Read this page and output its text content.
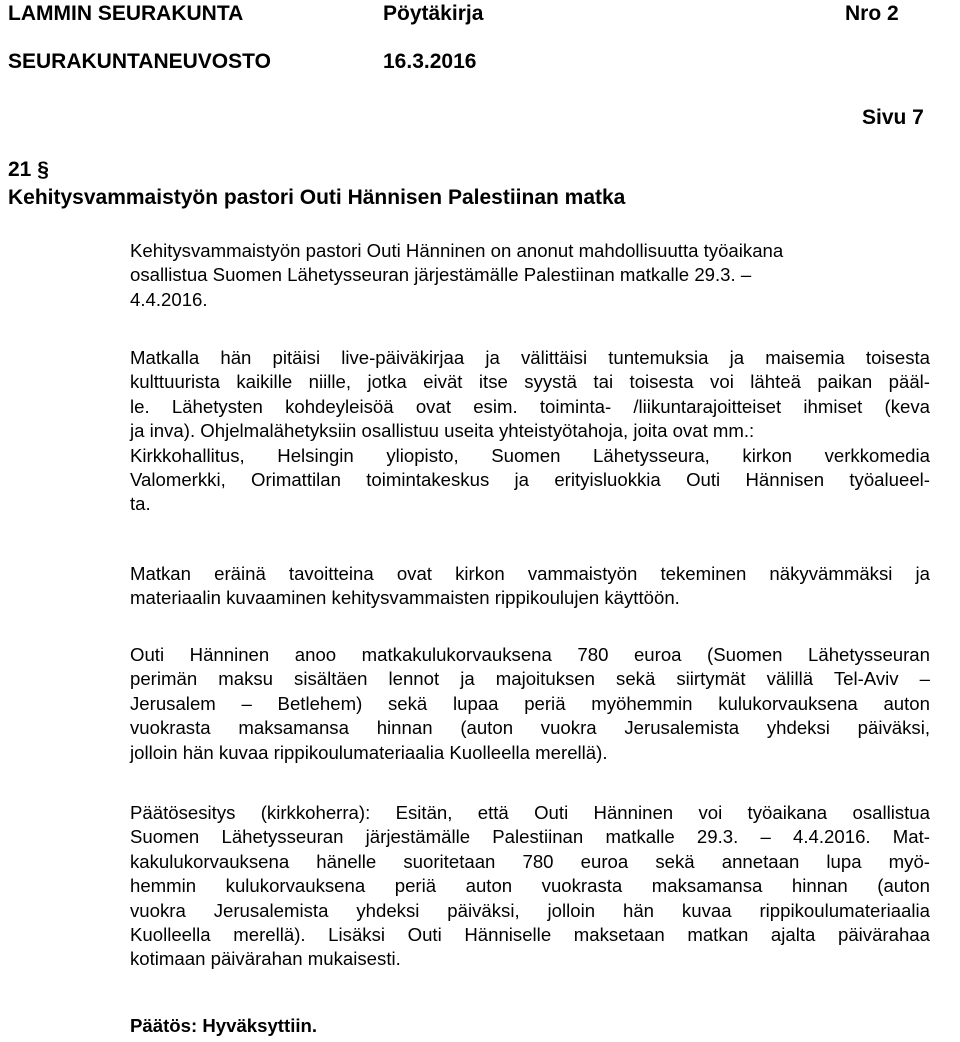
LAMMIN SEURAKUNTA	Pöytäkirja	Nro 2
SEURAKUNTANEUVOSTO	16.3.2016
Sivu 7
21 §
Kehitysvammaistyön pastori Outi Hännisen Palestiinan matka

Kehitysvammaistyön pastori Outi Hänninen on anonut mahdollisuutta työaikana
osallistua Suomen Lähetysseuran järjestämälle Palestiinan matkalle 29.3. –
4.4.2016.

Matkalla hän pitäisi live-päiväkirjaa ja välittäisi tuntemuksia ja maisemia toisesta
kulttuurista kaikille niille, jotka eivät itse syystä tai toisesta voi lähteä paikan pääl-
le. Lähetysten kohdeyleisöä ovat esim. toiminta- /liikuntarajoitteiset ihmiset (keva
ja inva). Ohjelmalähetyksiin osallistuu useita yhteistyötahoja, joita ovat mm.:
Kirkkohallitus, Helsingin yliopisto, Suomen Lähetysseura, kirkon verkkomedia
Valomerkki, Orimattilan toimintakeskus ja erityisluokkia Outi Hännisen työalueel-
ta.

Matkan eräinä tavoitteina ovat kirkon vammaistyön tekeminen näkyvämmäksi ja
materiaalin kuvaaminen kehitysvammaisten rippikoulujen käyttöön.

Outi Hänninen anoo matkakulukorvauksena 780 euroa (Suomen Lähetysseuran
perimän maksu sisältäen lennot ja majoituksen sekä siirtymät välillä Tel-Aviv –
Jerusalem – Betlehem) sekä lupaa periä myöhemmin kulukorvauksena auton
vuokrasta maksamansa hinnan (auton vuokra Jerusalemista yhdeksi päiväksi,
jolloin hän kuvaa rippikoulumateriaalia Kuolleella merellä).

Päätösesitys (kirkkoherra): Esitän, että Outi Hänninen voi työaikana osallistua
Suomen Lähetysseuran järjestämälle Palestiinan matkalle 29.3. – 4.4.2016. Mat-
kakulukorvauksena hänelle suoritetaan 780 euroa sekä annetaan lupa myö-
hemmin kulukorvauksena periä auton vuokrasta maksamansa hinnan (auton
vuokra Jerusalemista yhdeksi päiväksi, jolloin hän kuvaa rippikoulumateriaalia
Kuolleella merellä). Lisäksi Outi Hänniselle maksetaan matkan ajalta päivärahaa
kotimaan päivärahan mukaisesti.

Päätös: Hyväksyttiin.
